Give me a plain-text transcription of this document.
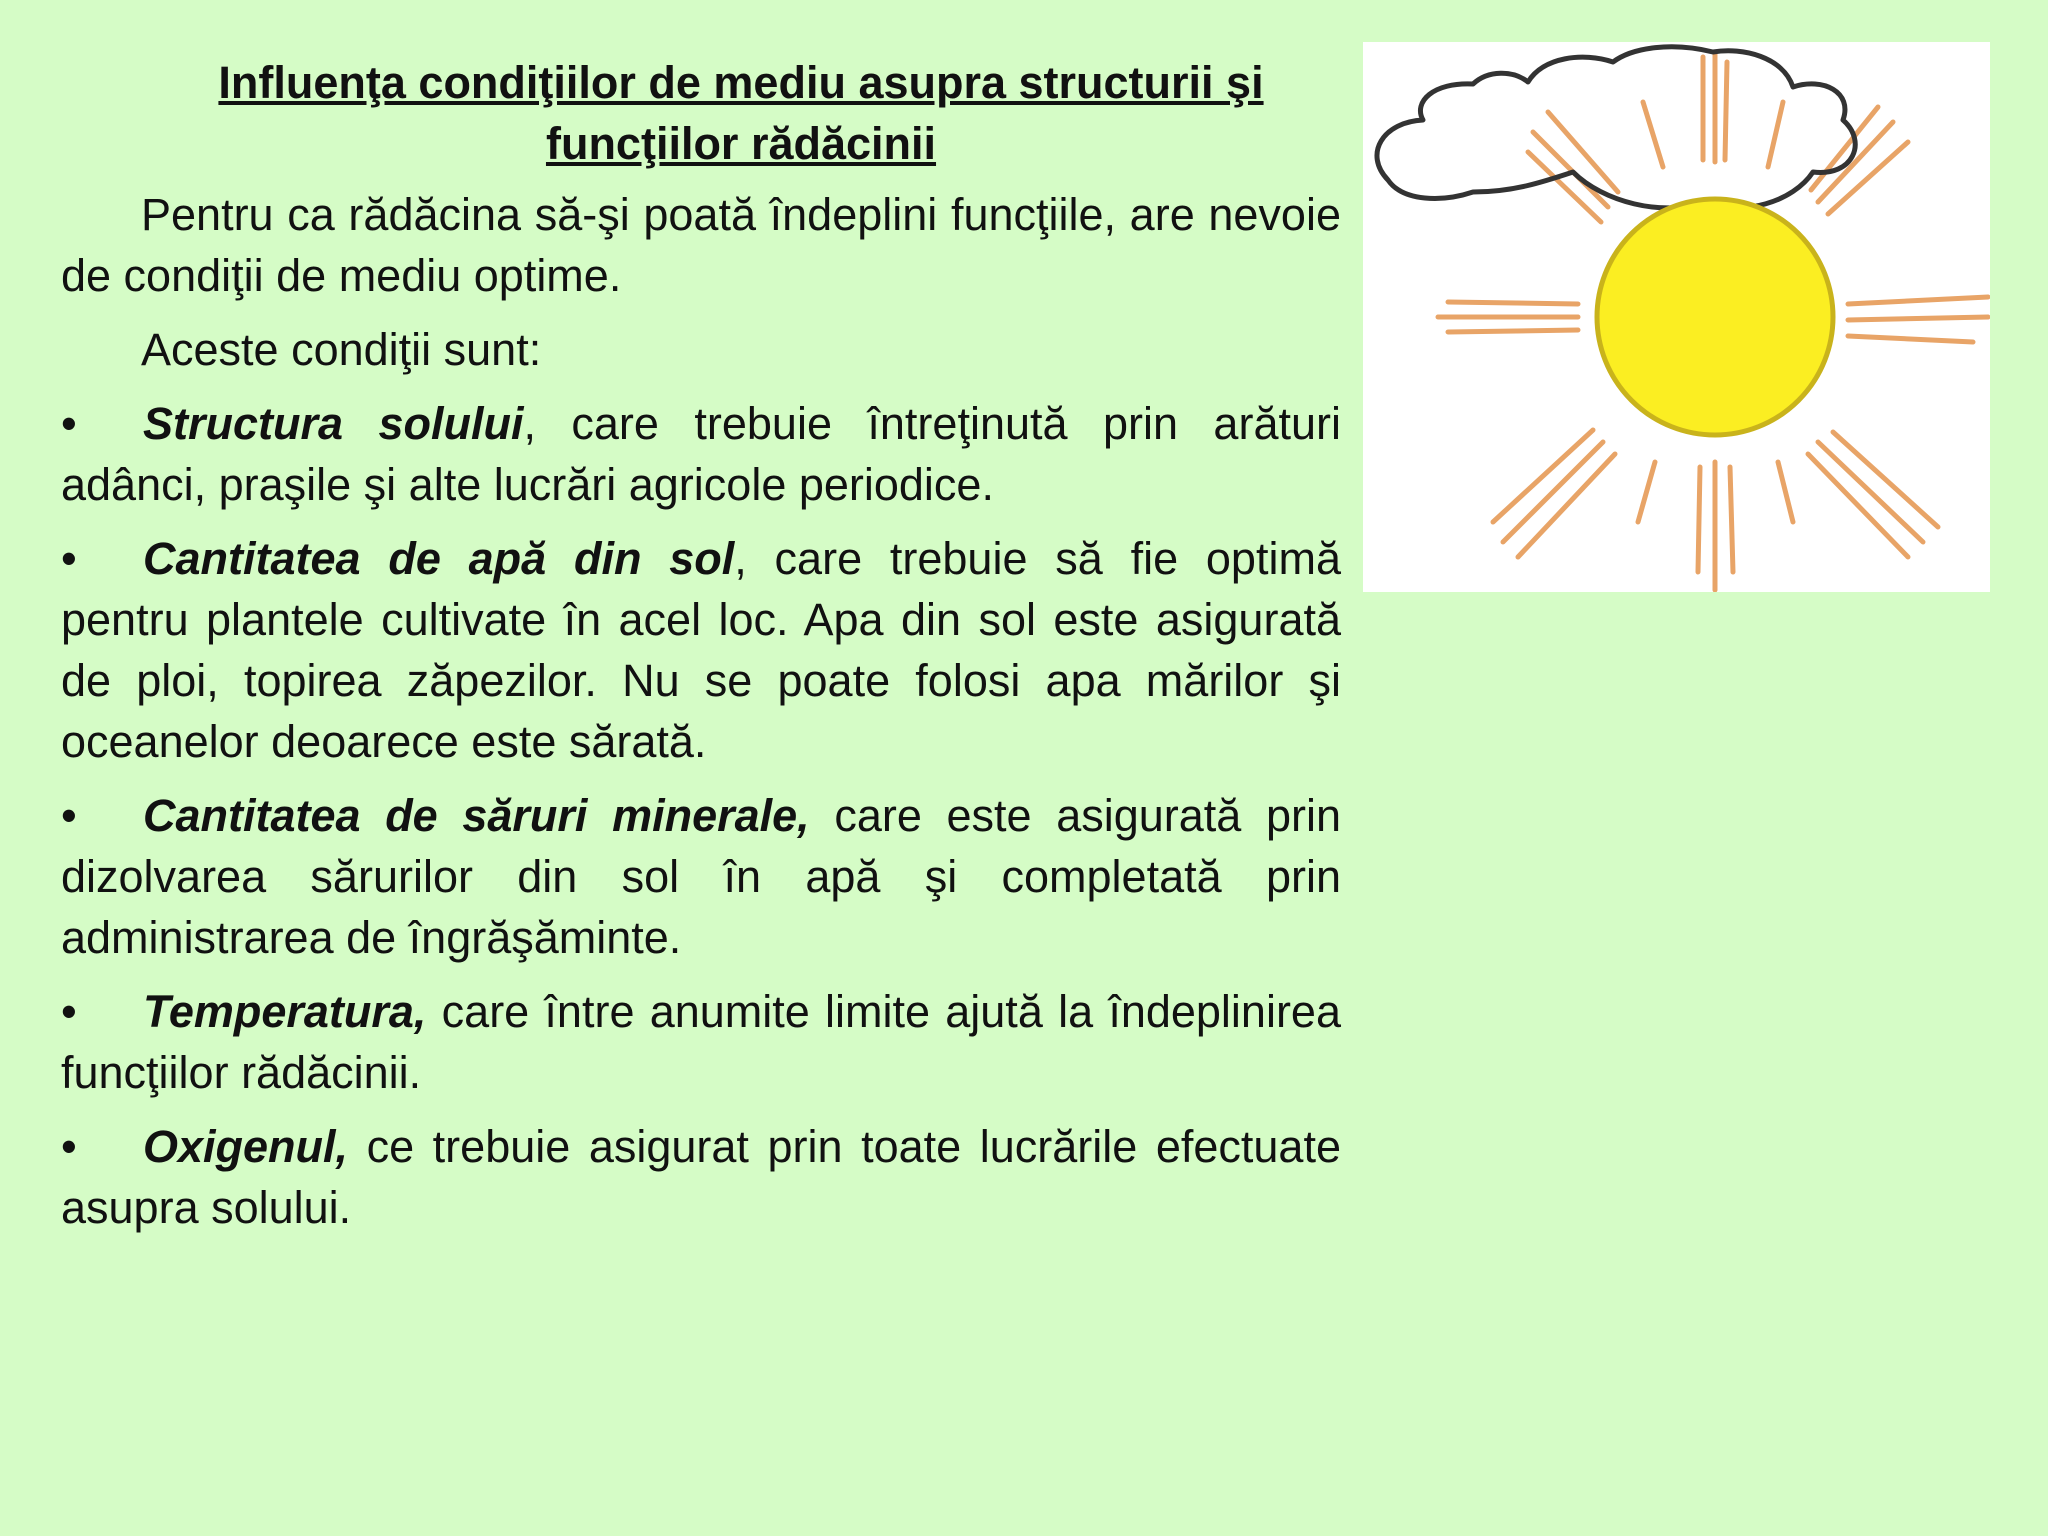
Influenţa condiţiilor de mediu asupra structurii şi
funcţiilor rădăcinii

Pentru ca rădăcina să-şi poată îndeplini funcţiile, are nevoie de condiţii de mediu optime.

Aceste condiţii sunt:

• Structura solului, care trebuie întreţinută prin arături adânci, praşile şi alte lucrări agricole periodice.

• Cantitatea de apă din sol, care trebuie să fie optimă pentru plantele cultivate în acel loc. Apa din sol este asigurată de ploi, topirea zăpezilor. Nu se poate folosi apa mărilor şi oceanelor deoarece este sărată.

• Cantitatea de săruri minerale, care este asigurată prin dizolvarea sărurilor din sol în apă şi completată prin administrarea de îngrăşăminte.

• Temperatura, care între anumite limite ajută la îndeplinirea funcţiilor rădăcinii.

• Oxigenul, ce trebuie asigurat prin toate lucrările efectuate asupra solului.
